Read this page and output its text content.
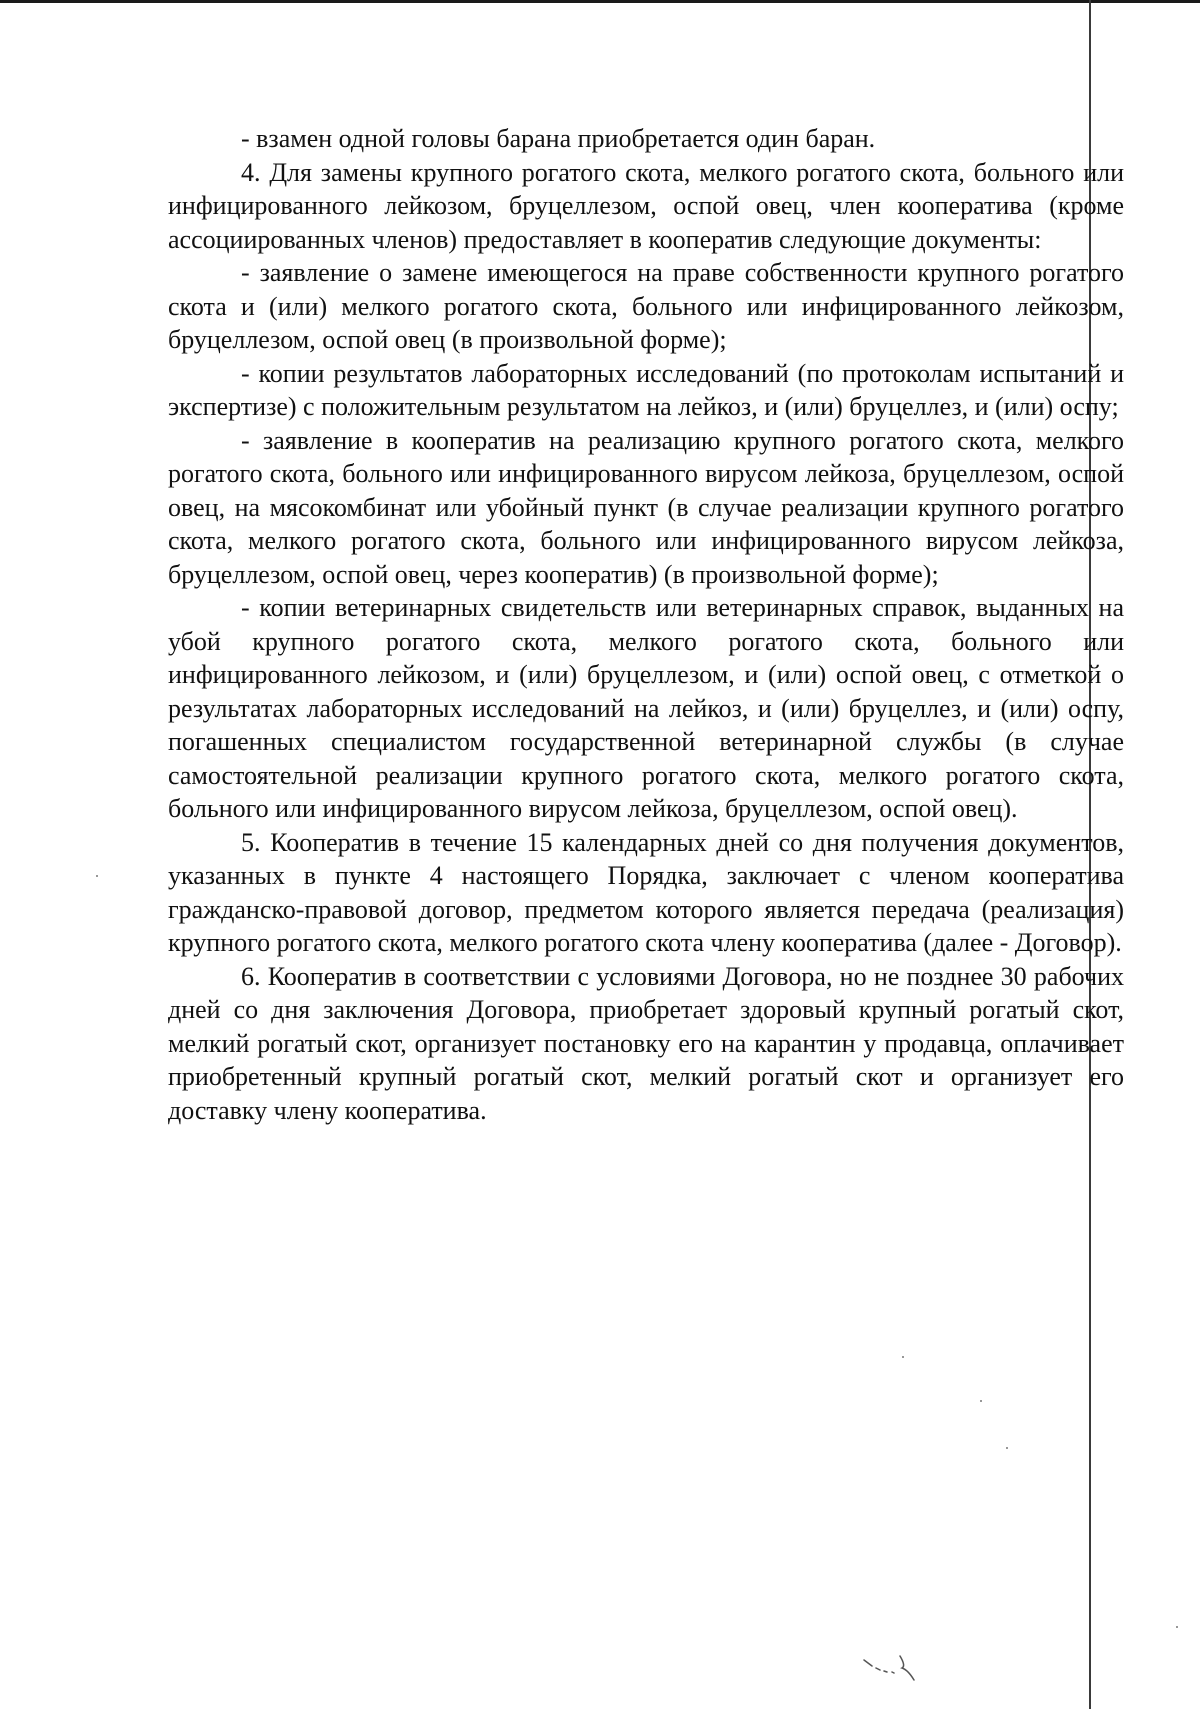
- взамен одной головы барана приобретается один баран.

4. Для замены крупного рогатого скота, мелкого рогатого скота, больного или инфицированного лейкозом, бруцеллезом, оспой овец, член кооператива (кроме ассоциированных членов) предоставляет в кооператив следующие документы:

- заявление о замене имеющегося на праве собственности крупного рогатого скота и (или) мелкого рогатого скота, больного или инфицированного лейкозом, бруцеллезом, оспой овец (в произвольной форме);

- копии результатов лабораторных исследований (по протоколам испытаний и экспертизе) с положительным результатом на лейкоз, и (или) бруцеллез, и (или) оспу;

- заявление в кооператив на реализацию крупного рогатого скота, мелкого рогатого скота, больного или инфицированного вирусом лейкоза, бруцеллезом, оспой овец, на мясокомбинат или убойный пункт (в случае реализации крупного рогатого скота, мелкого рогатого скота, больного или инфицированного вирусом лейкоза, бруцеллезом, оспой овец, через кооператив) (в произвольной форме);

- копии ветеринарных свидетельств или ветеринарных справок, выданных на убой крупного рогатого скота, мелкого рогатого скота, больного или инфицированного лейкозом, и (или) бруцеллезом, и (или) оспой овец, с отметкой о результатах лабораторных исследований на лейкоз, и (или) бруцеллез, и (или) оспу, погашенных специалистом государственной ветеринарной службы (в случае самостоятельной реализации крупного рогатого скота, мелкого рогатого скота, больного или инфицированного вирусом лейкоза, бруцеллезом, оспой овец).

5. Кооператив в течение 15 календарных дней со дня получения документов, указанных в пункте 4 настоящего Порядка, заключает с членом кооператива гражданско-правовой договор, предметом которого является передача (реализация) крупного рогатого скота, мелкого рогатого скота члену кооператива (далее - Договор).

6. Кооператив в соответствии с условиями Договора, но не позднее 30 рабочих дней со дня заключения Договора, приобретает здоровый крупный рогатый скот, мелкий рогатый скот, организует постановку его на карантин у продавца, оплачивает приобретенный крупный рогатый скот, мелкий рогатый скот и организует его доставку члену кооператива.
